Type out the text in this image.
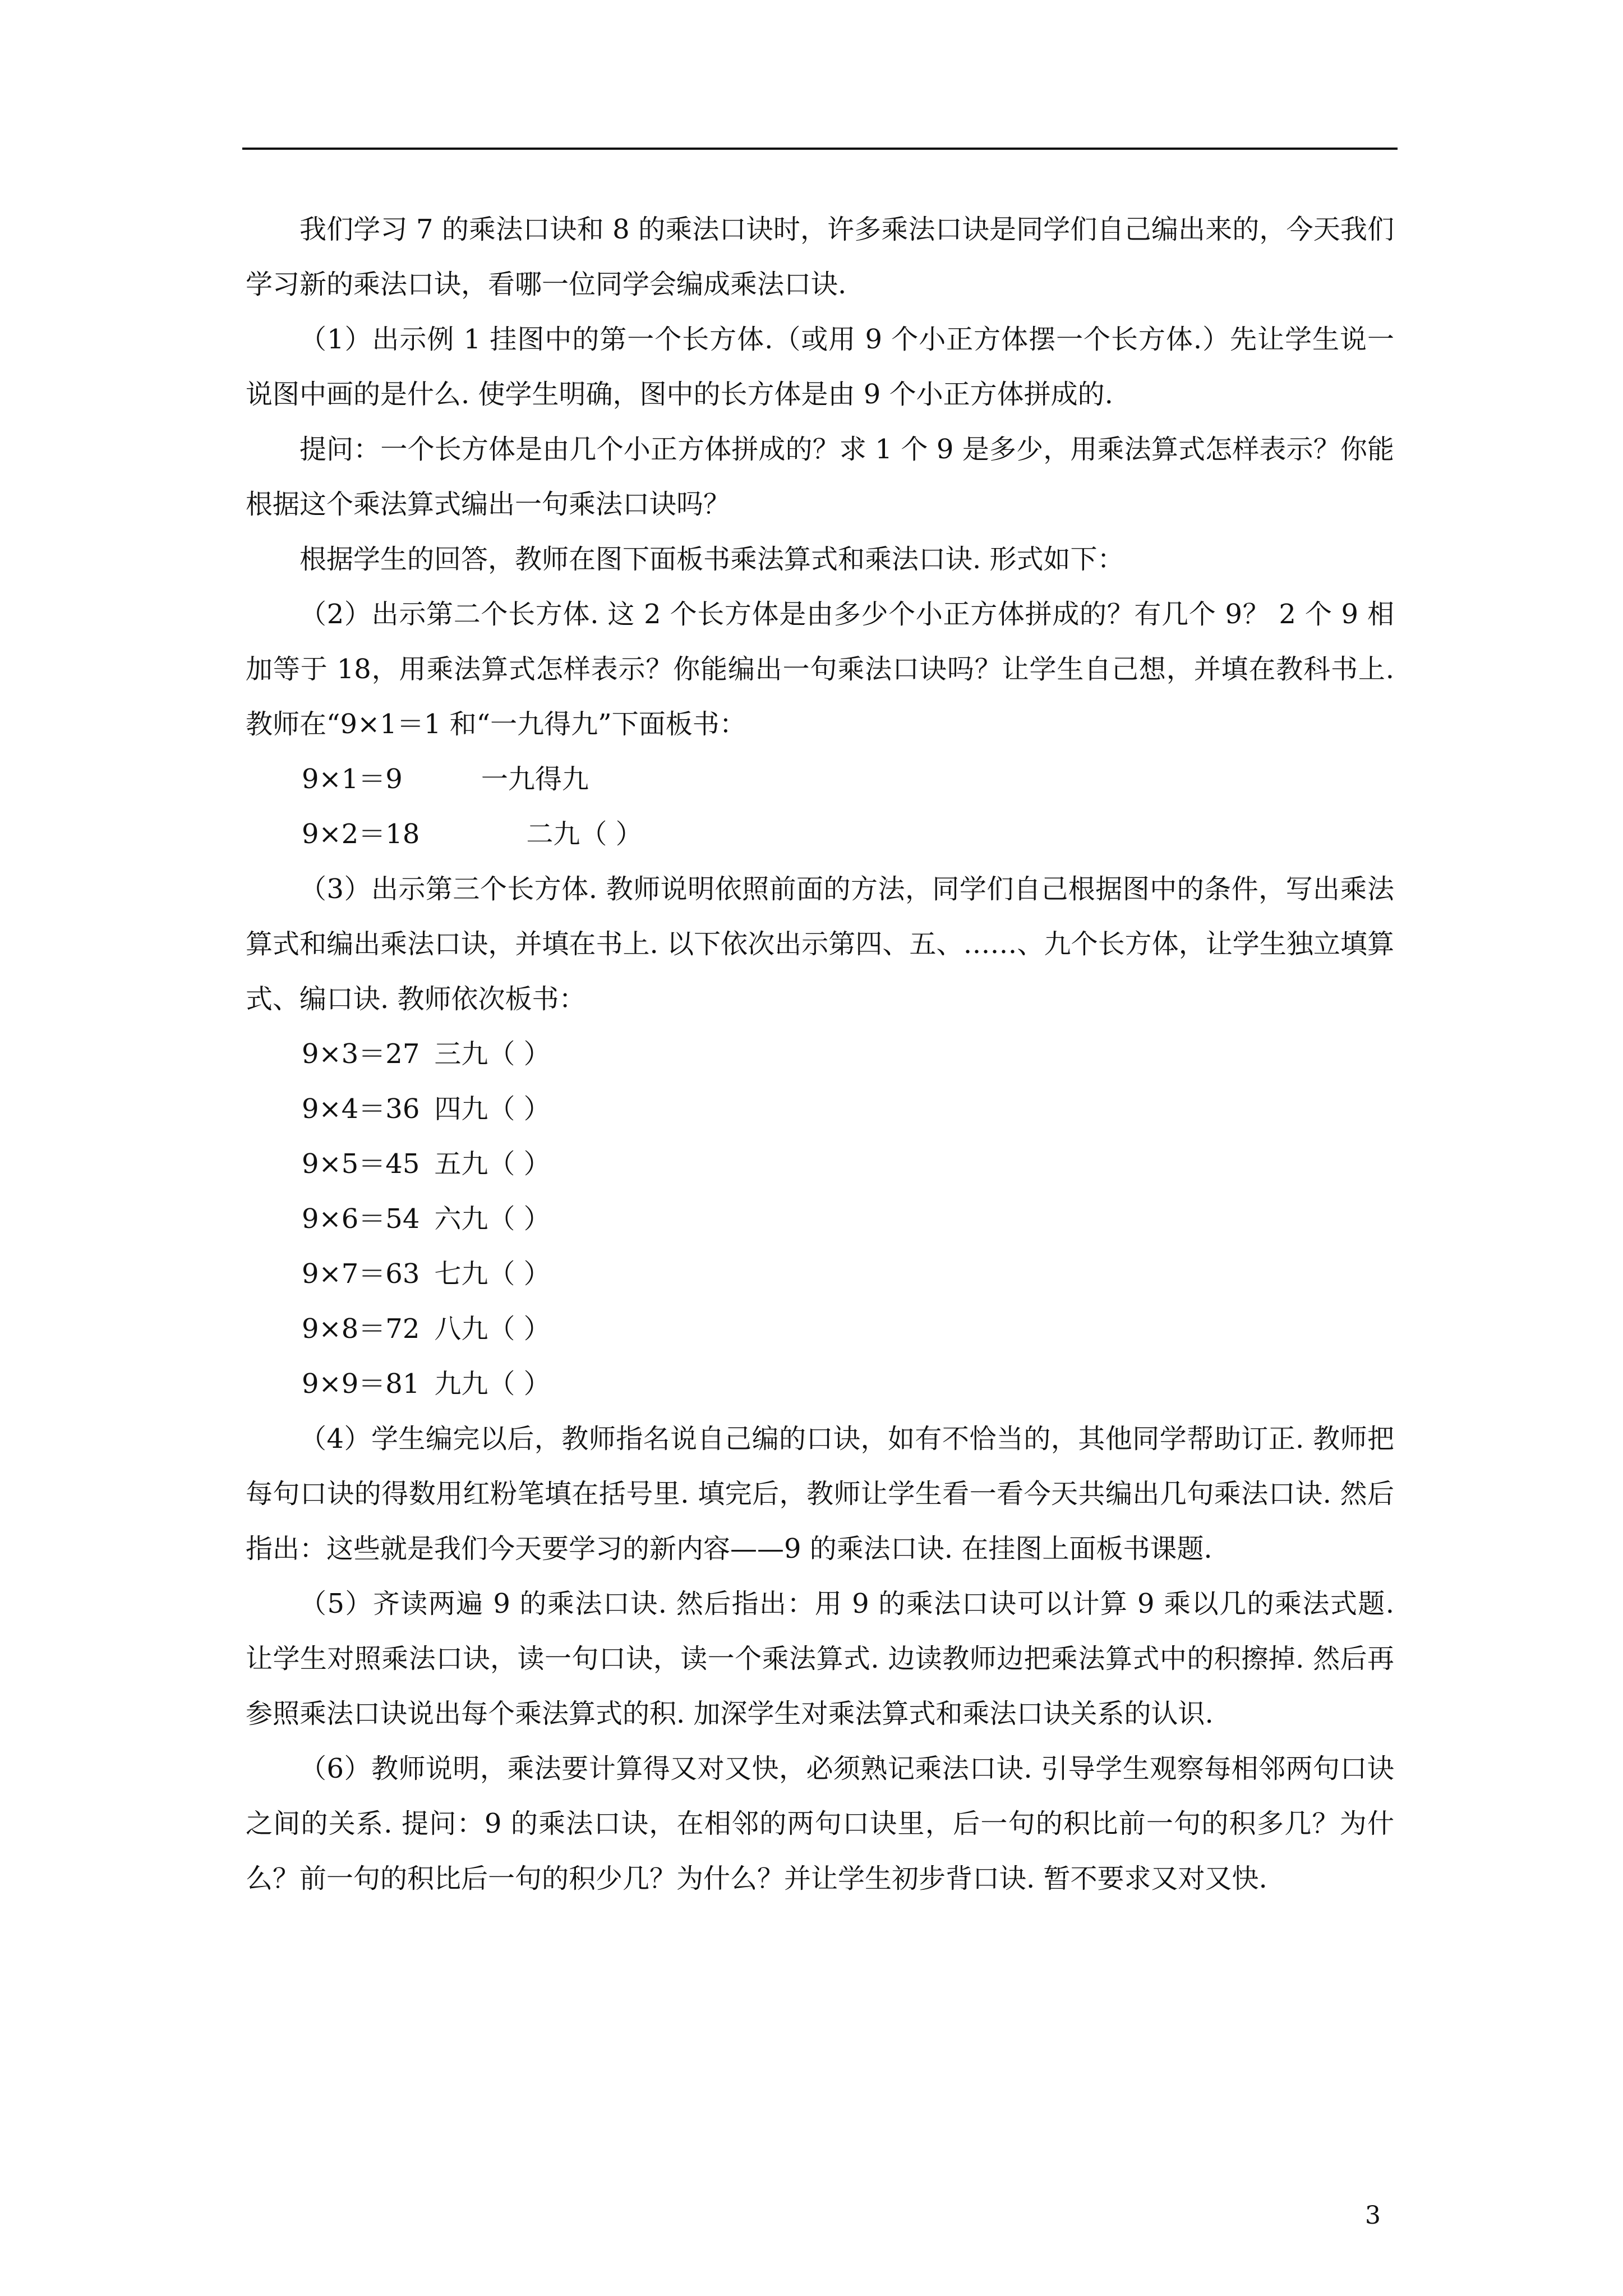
我们学习 7 的乘法口诀和 8 的乘法口诀时，许多乘法口诀是同学们自己编出来的，今天我们学习新的乘法口诀，看哪一位同学会编成乘法口诀.

（1）出示例 1 挂图中的第一个长方体.（或用 9 个小正方体摆一个长方体.）先让学生说一说图中画的是什么. 使学生明确，图中的长方体是由 9 个小正方体拼成的.

提问：一个长方体是由几个小正方体拼成的？求 1 个 9 是多少，用乘法算式怎样表示？你能根据这个乘法算式编出一句乘法口诀吗？

根据学生的回答，教师在图下面板书乘法算式和乘法口诀. 形式如下：

（2）出示第二个长方体. 这 2 个长方体是由多少个小正方体拼成的？有几个 9？ 2 个 9 相加等于 18，用乘法算式怎样表示？你能编出一句乘法口诀吗？让学生自己想，并填在教科书上. 教师在“9×1＝1 和“一九得九”下面板书：

9×1＝9	一九得九

9×2＝18	二九（ ）

（3）出示第三个长方体. 教师说明依照前面的方法，同学们自己根据图中的条件，写出乘法算式和编出乘法口诀，并填在书上. 以下依次出示第四、五、……、九个长方体，让学生独立填算式、编口诀. 教师依次板书：

9×3＝27 三九（ ）

9×4＝36 四九（ ）

9×5＝45 五九（ ）

9×6＝54 六九（ ）

9×7＝63 七九（ ）

9×8＝72 八九（ ）

9×9＝81 九九（ ）

（4）学生编完以后，教师指名说自己编的口诀，如有不恰当的，其他同学帮助订正. 教师把每句口诀的得数用红粉笔填在括号里. 填完后，教师让学生看一看今天共编出几句乘法口诀. 然后指出：这些就是我们今天要学习的新内容——9 的乘法口诀. 在挂图上面板书课题.

（5）齐读两遍 9 的乘法口诀. 然后指出：用 9 的乘法口诀可以计算 9 乘以几的乘法式题. 让学生对照乘法口诀，读一句口诀，读一个乘法算式. 边读教师边把乘法算式中的积擦掉. 然后再参照乘法口诀说出每个乘法算式的积. 加深学生对乘法算式和乘法口诀关系的认识.

（6）教师说明，乘法要计算得又对又快，必须熟记乘法口诀. 引导学生观察每相邻两句口诀之间的关系. 提问：9 的乘法口诀，在相邻的两句口诀里，后一句的积比前一句的积多几？为什么？前一句的积比后一句的积少几？为什么？并让学生初步背口诀. 暂不要求又对又快.

3
